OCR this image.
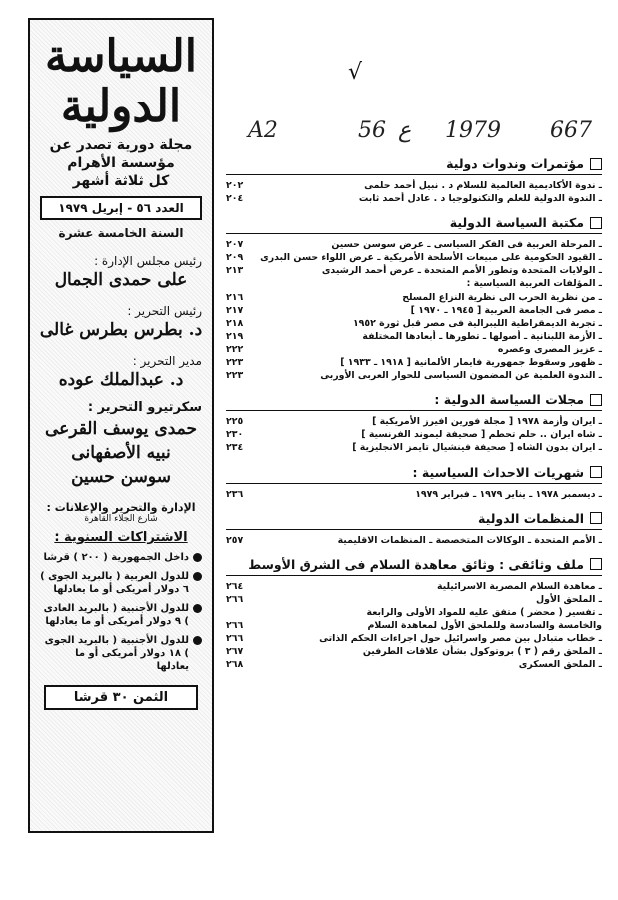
√
A2	56 ع 1979 667
السياسة
الدولية
مجلة دورية تصدر عن
مؤسسة الأهرام
كل ثلاثة أشهر
العدد ٥٦ - إبريل ١٩٧٩
السنة الخامسة عشرة
رئيس مجلس الإدارة :
على حمدى الجمال
رئيس التحرير :
د. بطرس بطرس غالى
مدير التحرير :
د. عبدالملك عوده
سكرتيرو التحرير :
حمدى يوسف القرعى
نبيه الأصفهانى
سوسن حسين
الإدارة والتحرير والإعلانات :
شارع الجلاء القاهرة
الاشتراكات السنوية :
داخل الجمهورية ( ٢٠٠ ) قرشا
للدول العربية ( بالبريد الجوى ) ٦ دولار أمريكى أو ما يعادلها
للدول الأجنبية ( بالبريد العادى ) ٩ دولار أمريكى أو ما يعادلها
للدول الأجنبية ( بالبريد الجوى ) ١٨ دولار أمريكى أو ما يعادلها
الثمن ٣٠ قرشا
مؤتمرات وندوات دولية
ـ ندوة الأكاديمية العالمية للسلام د . نبيل أحمد حلمى
٢٠٢
ـ الندوة الدولية للعلم والتكنولوجيا د . عادل أحمد ثابت
٢٠٤
مكتبة السياسة الدولية
ـ المرحلة العربية فى الفكر السياسى ـ عرض سوسن حسين
٢٠٧
ـ القيود الحكومية على مبيعات الأسلحة الأمريكية ـ عرض اللواء حسن البدرى
٢٠٩
ـ الولايات المتحدة وتطور الأمم المتحدة ـ عرض أحمد الرشيدى
٢١٣
ـ المؤلفات العربية السياسية :
ـ من نظرية الحرب الى نظرية النزاع المسلح
٢١٦
ـ مصر فى الجامعة العربية [ ١٩٤٥ ـ ١٩٧٠ ]
٢١٧
ـ تجربة الديمقراطية الليبرالية فى مصر قبل ثورة ١٩٥٢
٢١٨
ـ الأزمة اللبنانية ـ أصولها ـ تطورها ـ أبعادها المختلفة
٢١٩
ـ عزيز المصرى وعصره
٢٢٢
ـ ظهور وسقوط جمهورية فايمار الألمانية [ ١٩١٨ ـ ١٩٣٣ ]
٢٢٣
ـ الندوة العلمية عن المضمون السياسى للحوار العربى الأوربى
٢٢٣
مجلات السياسة الدولية :
ـ ايران وأزمة ١٩٧٨ [ مجلة فورين افيرز الأمريكية ]
٢٢٥
ـ شاه ايران .. حلم تحطم [ صحيفة ليموند الفرنسية ]
٢٣٠
ـ ايران بدون الشاه [ صحيفة فينشيال تايمز الانجليزية ]
٢٣٤
شهريات الاحداث السياسية :
ـ ديسمبر ١٩٧٨ ـ يناير ١٩٧٩ ـ فبراير ١٩٧٩
٢٣٦
المنظمات الدولية
ـ الأمم المتحدة ـ الوكالات المتخصصة ـ المنظمات الاقليمية
٢٥٧
ملف وثائقى : وثائق معاهدة السلام فى الشرق الأوسط
ـ معاهدة السلام المصرية الاسرائيلية
٢٦٤
ـ الملحق الأول
٢٦٦
ـ تفسير ( محضر ) متفق عليه للمواد الأولى والرابعة
والخامسة والسادسة وللملحق الأول لمعاهدة السلام
٢٦٦
ـ خطاب متبادل بين مصر واسرائيل حول اجراءات الحكم الذاتى
٢٦٦
ـ الملحق رقم ( ٣ ) بروتوكول بشأن علاقات الطرفين
٢٦٧
ـ الملحق العسكرى
٢٦٨
